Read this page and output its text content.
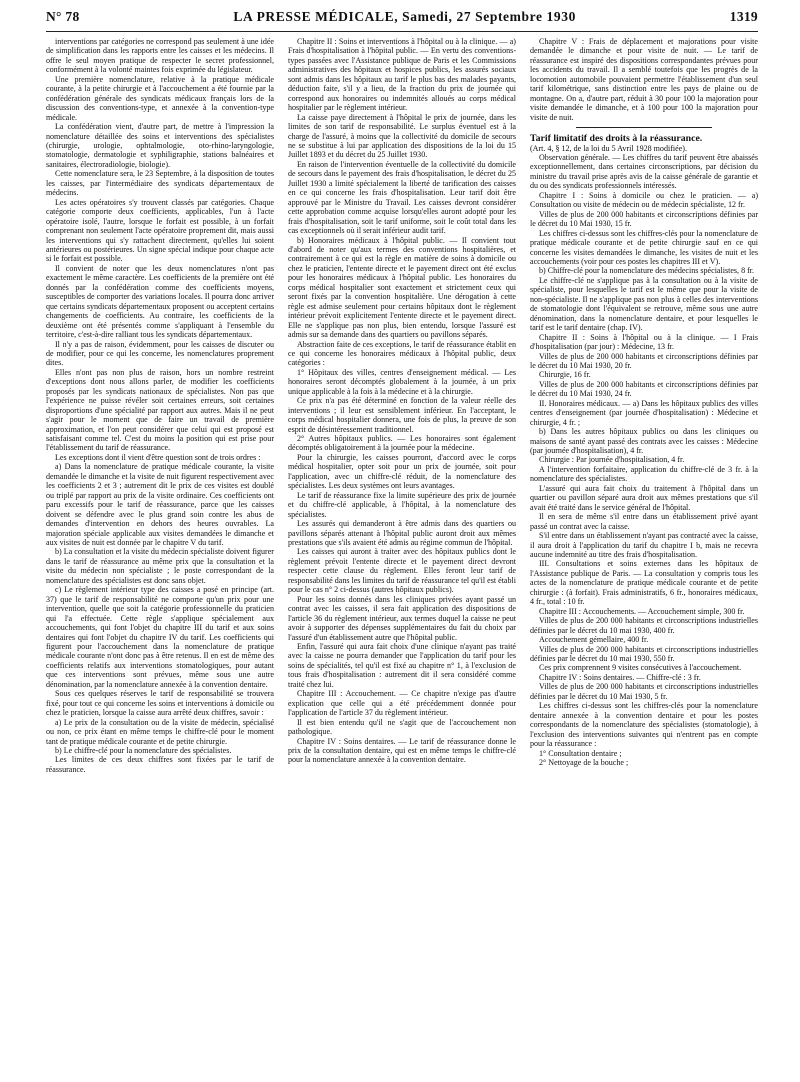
N° 78	LA PRESSE MÉDICALE, Samedi, 27 Septembre 1930	1319

interventions par catégories ne correspond pas seulement à une idée de simplification dans les rapports entre les caisses et les médecins. Il offre le seul moyen pratique de respecter le secret professionnel, conformément à la volonté maintes fois exprimée du législateur.

Une première nomenclature, relative à la pratique médicale courante, à la petite chirurgie et à l'accouchement a été fournie par la confédération générale des syndicats médicaux français lors de la discussion des conventions-type, et annexée à la convention-type médicale.

La confédération vient, d'autre part, de mettre à l'impression la nomenclature détaillée des soins et interventions des spécialistes (chirurgie, urologie, ophtalmologie, oto-rhino-laryngologie, stomatologie, dermatologie et syphiligraphie, stations balnéaires et sanitaires, électroradiologie, biologie).

Cette nomenclature sera, le 23 Septembre, à la disposition de toutes les caisses, par l'intermédiaire des syndicats départementaux de médecins.

Les actes opératoires s'y trouvent classés par catégories. Chaque catégorie comporte deux coefficients, applicables, l'un à l'acte opératoire isolé, l'autre, lorsque le forfait est possible, à un forfait comprenant non seulement l'acte opératoire proprement dit, mais aussi les interventions qui s'y rattachent directement, qu'elles lui soient antérieures ou postérieures. Un signe spécial indique pour chaque acte si le forfait est possible.

Il convient de noter que les deux nomenclatures n'ont pas exactement le même caractère. Les coefficients de la première ont été donnés par la confédération comme des coefficients moyens, susceptibles de comporter des variations locales. Il pourra donc arriver que certains syndicats départementaux proposent ou acceptent certains changements de coefficients. Au contraire, les coefficients de la deuxième ont été présentés comme s'appliquant à l'ensemble du territoire, c'est-à-dire ralliant tous les syndicats départementaux.

Il n'y a pas de raison, évidemment, pour les caisses de discuter ou de modifier, pour ce qui les concerne, les nomenclatures proprement dites.

Elles n'ont pas non plus de raison, hors un nombre restreint d'exceptions dont nous allons parler, de modifier les coefficients proposés par les syndicats nationaux de spécialistes. Non pas que l'expérience ne puisse révéler soit certaines erreurs, soit certaines disproportions d'une spécialité par rapport aux autres. Mais il ne peut s'agir pour le moment que de faire un travail de première approximation, et l'on peut considérer que celui qui est proposé est satisfaisant comme tel. C'est du moins la position qui est prise pour l'établissement du tarif de réassurance.

Les exceptions dont il vient d'être question sont de trois ordres :

a) Dans la nomenclature de pratique médicale courante, la visite demandée le dimanche et la visite de nuit figurent respectivement avec les coefficients 2 et 3 ; autrement dit le prix de ces visites est doublé ou triplé par rapport au prix de la visite ordinaire. Ces coefficients ont paru excessifs pour le tarif de réassurance, parce que les caisses doivent se défendre avec le plus grand soin contre les abus de demandes d'intervention en dehors des heures ouvrables. La majoration spéciale applicable aux visites demandées le dimanche et aux visites de nuit est donnée par le chapitre V du tarif.

b) La consultation et la visite du médecin spécialiste doivent figurer dans le tarif de réassurance au même prix que la consultation et la visite du médecin non spécialiste ; le poste correspondant de la nomenclature des spécialistes est donc sans objet.

c) Le règlement intérieur type des caisses a posé en principe (art. 37) que le tarif de responsabilité ne comporte qu'un prix pour une intervention, quelle que soit la catégorie professionnelle du praticien qui l'a effectuée. Cette règle s'applique spécialement aux accouchements, qui font l'objet du chapitre III du tarif et aux soins dentaires qui font l'objet du chapitre IV du tarif. Les coefficients qui figurent pour l'accouchement dans la nomenclature de pratique médicale courante n'ont donc pas à être retenus. Il en est de même des coefficients relatifs aux interventions stomatologiques, pour autant que ces interventions sont prévues, même sous une autre dénomination, par la nomenclature annexée à la convention dentaire.

Sous ces quelques réserves le tarif de responsabilité se trouvera fixé, pour tout ce qui concerne les soins et interventions à domicile ou chez le praticien, lorsque la caisse aura arrêté deux chiffres, savoir :

a) Le prix de la consultation ou de la visite de médecin, spécialisé ou non, ce prix étant en même temps le chiffre-clé pour le moment tant de pratique médicale courante et de petite chirurgie.

b) Le chiffre-clé pour la nomenclature des spécialistes.

Les limites de ces deux chiffres sont fixées par le tarif de réassurance.

Chapitre II : Soins et interventions à l'hôpital ou à la clinique. — a) Frais d'hospitalisation à l'hôpital public. — En vertu des conventions-types passées avec l'Assistance publique de Paris et les Commissions administratives des hôpitaux et hospices publics, les assurés sociaux sont admis dans les hôpitaux au tarif le plus bas des malades payants, déduction faite, s'il y a lieu, de la fraction du prix de journée qui correspond aux honoraires ou indemnités alloués au corps médical hospitalier par le règlement intérieur.

La caisse paye directement à l'hôpital le prix de journée, dans les limites de son tarif de responsabilité. Le surplus éventuel est à la charge de l'assuré, à moins que la collectivité du domicile de secours ne se substitue à lui par application des dispositions de la loi du 15 Juillet 1893 et du décret du 25 Juillet 1930.

En raison de l'intervention éventuelle de la collectivité du domicile de secours dans le payement des frais d'hospitalisation, le décret du 25 Juillet 1930 a limité spécialement la liberté de tarification des caisses en ce qui concerne les frais d'hospitalisation. Leur tarif doit être approuvé par le Ministre du Travail. Les caisses devront considérer cette approbation comme acquise lorsqu'elles auront adopté pour les frais d'hospitalisation, soit le tarif uniforme, soit le coût total dans les cas exceptionnels où il serait inférieur audit tarif.

b) Honoraires médicaux à l'hôpital public. — Il convient tout d'abord de noter qu'aux termes des conventions hospitalières, et contrairement à ce qui est la règle en matière de soins à domicile ou chez le praticien, l'entente directe et le payement direct ont été exclus pour les honoraires médicaux à l'hôpital public. Les honoraires du corps médical hospitalier sont exactement et strictement ceux qui seront fixés par la convention hospitalière. Une dérogation à cette règle est admise seulement pour certains hôpitaux dont le règlement intérieur prévoit explicitement l'entente directe et le payement direct. Elle ne s'applique pas non plus, bien entendu, lorsque l'assuré est admis sur sa demande dans des quartiers ou pavillons séparés.

Abstraction faite de ces exceptions, le tarif de réassurance établit en ce qui concerne les honoraires médicaux à l'hôpital public, deux catégories :

1° Hôpitaux des villes, centres d'enseignement médical. — Les honoraires seront décomptés globalement à la journée, à un prix unique applicable à la fois à la médecine et à la chirurgie.

Ce prix n'a pas été déterminé en fonction de la valeur réelle des interventions ; il leur est sensiblement inférieur. En l'acceptant, le corps médical hospitalier donnera, une fois de plus, la preuve de son esprit de désintéressement traditionnel.

2° Autres hôpitaux publics. — Les honoraires sont également décomptés obligatoirement à la journée pour la médecine.

Pour la chirurgie, les caisses pourront, d'accord avec le corps médical hospitalier, opter soit pour un prix de journée, soit pour l'application, avec un chiffre-clé réduit, de la nomenclature des spécialistes. Les deux systèmes ont leurs avantages.

Le tarif de réassurance fixe la limite supérieure des prix de journée et du chiffre-clé applicable, à l'hôpital, à la nomenclature des spécialistes.

Les assurés qui demanderont à être admis dans des quartiers ou pavillons séparés attenant à l'hôpital public auront droit aux mêmes prestations que s'ils avaient été admis au régime commun de l'hôpital.

Les caisses qui auront à traiter avec des hôpitaux publics dont le règlement prévoit l'entente directe et le payement direct devront respecter cette clause du règlement. Elles feront leur tarif de responsabilité dans les limites du tarif de réassurance tel qu'il est établi pour le cas n° 2 ci-dessus (autres hôpitaux publics).

Pour les soins donnés dans les cliniques privées ayant passé un contrat avec les caisses, il sera fait application des dispositions de l'article 36 du règlement intérieur, aux termes duquel la caisse ne peut avoir à supporter des dépenses supplémentaires du fait du choix par l'assuré d'un établissement autre que l'hôpital public.

Enfin, l'assuré qui aura fait choix d'une clinique n'ayant pas traité avec la caisse ne pourra demander que l'application du tarif pour les soins de spécialités, tel qu'il est fixé au chapitre n° 1, à l'exclusion de tous frais d'hospitalisation : autrement dit il sera considéré comme traité chez lui.

Chapitre III : Accouchement. — Ce chapitre n'exige pas d'autre explication que celle qui a été précédemment donnée pour l'application de l'article 37 du règlement intérieur.

Il est bien entendu qu'il ne s'agit que de l'accouchement non pathologique.

Chapitre IV : Soins dentaires. — Le tarif de réassurance donne le prix de la consultation dentaire, qui est en même temps le chiffre-clé pour la nomenclature annexée à la convention dentaire.

Chapitre V : Frais de déplacement et majorations pour visite demandée le dimanche et pour visite de nuit. — Le tarif de réassurance est inspiré des dispositions correspondantes prévues pour les accidents du travail. Il a semblé toutefois que les progrès de la locomotion automobile pouvaient permettre l'établissement d'un seul tarif kilométrique, sans distinction entre les pays de plaine ou de montagne. On a, d'autre part, réduit à 30 pour 100 la majoration pour visite demandée le dimanche, et à 100 pour 100 la majoration pour visite de nuit.

Tarif limitatif des droits à la réassurance.

(Art. 4, § 12, de la loi du 5 Avril 1928 modifiée).

Observation générale. — Les chiffres du tarif peuvent être abaissés exceptionnellement, dans certaines circonscriptions, par décision du ministre du travail prise après avis de la caisse générale de garantie et du ou des syndicats professionnels intéressés.

Chapitre I : Soins à domicile ou chez le praticien. — a) Consultation ou visite de médecin ou de médecin spécialiste, 12 fr.

Villes de plus de 200 000 habitants et circonscriptions définies par le décret du 10 Mai 1930, 15 fr.

Les chiffres ci-dessus sont les chiffres-clés pour la nomenclature de pratique médicale courante et de petite chirurgie sauf en ce qui concerne les visites demandées le dimanche, les visites de nuit et les accouchements (voir pour ces postes les chapitres III et V).

b) Chiffre-clé pour la nomenclature des médecins spécialistes, 8 fr.

Le chiffre-clé ne s'applique pas à la consultation ou à la visite de spécialiste, pour lesquelles le tarif est le même que pour la visite de non-spécialiste. Il ne s'applique pas non plus à celles des interventions de stomatologie dont l'équivalent se retrouve, même sous une autre dénomination, dans la nomenclature dentaire, et pour lesquelles le tarif est le tarif dentaire (chap. IV).

Chapitre II : Soins à l'hôpital ou à la clinique. — I Frais d'hospitalisation (par jour) : Médecine, 13 fr.

Villes de plus de 200 000 habitants et circonscriptions définies par le décret du 10 Mai 1930, 20 fr.

Chirurgie, 16 fr.

Villes de plus de 200 000 habitants et circonscriptions définies par le décret du 10 Mai 1930, 24 fr.

II. Honoraires médicaux. — a) Dans les hôpitaux publics des villes centres d'enseignement (par journée d'hospitalisation) : Médecine et chirurgie, 4 fr. ;

b) Dans les autres hôpitaux publics ou dans les cliniques ou maisons de santé ayant passé des contrats avec les caisses : Médecine (par journée d'hospitalisation), 4 fr.

Chirurgie : Par journée d'hospitalisation, 4 fr.

A l'intervention forfaitaire, application du chiffre-clé de 3 fr. à la nomenclature des spécialistes.

L'assuré qui aura fait choix du traitement à l'hôpital dans un quartier ou pavillon séparé aura droit aux mêmes prestations que s'il avait été traité dans le service général de l'hôpital.

Il en sera de même s'il entre dans un établissement privé ayant passé un contrat avec la caisse.

S'il entre dans un établissement n'ayant pas contracté avec la caisse, il aura droit à l'application du tarif du chapitre I b, mais ne recevra aucune indemnité au titre des frais d'hospitalisation.

III. Consultations et soins externes dans les hôpitaux de l'Assistance publique de Paris. — La consultation y compris tous les actes de la nomenclature de pratique médicale courante et de petite chirurgie : (à forfait). Frais administratifs, 6 fr., honoraires médicaux, 4 fr., total : 10 fr.

Chapitre III : Accouchements. — Accouchement simple, 300 fr.

Villes de plus de 200 000 habitants et circonscriptions industrielles définies par le décret du 10 mai 1930, 400 fr.

Accouchement gémellaire, 400 fr.

Villes de plus de 200 000 habitants et circonscriptions industrielles définies par le décret du 10 mai 1930, 550 fr.

Ces prix comprennent 9 visites consécutives à l'accouchement.

Chapitre IV : Soins dentaires. — Chiffre-clé : 3 fr.

Villes de plus de 200 000 habitants et circonscriptions industrielles définies par le décret du 10 Mai 1930, 5 fr.

Les chiffres ci-dessus sont les chiffres-clés pour la nomenclature dentaire annexée à la convention dentaire et pour les postes correspondants de la nomenclature des spécialistes (stomatologie), à l'exclusion des interventions suivantes qui n'entrent pas en compte pour la réassurance :

1° Consultation dentaire ;

2° Nettoyage de la bouche ;
